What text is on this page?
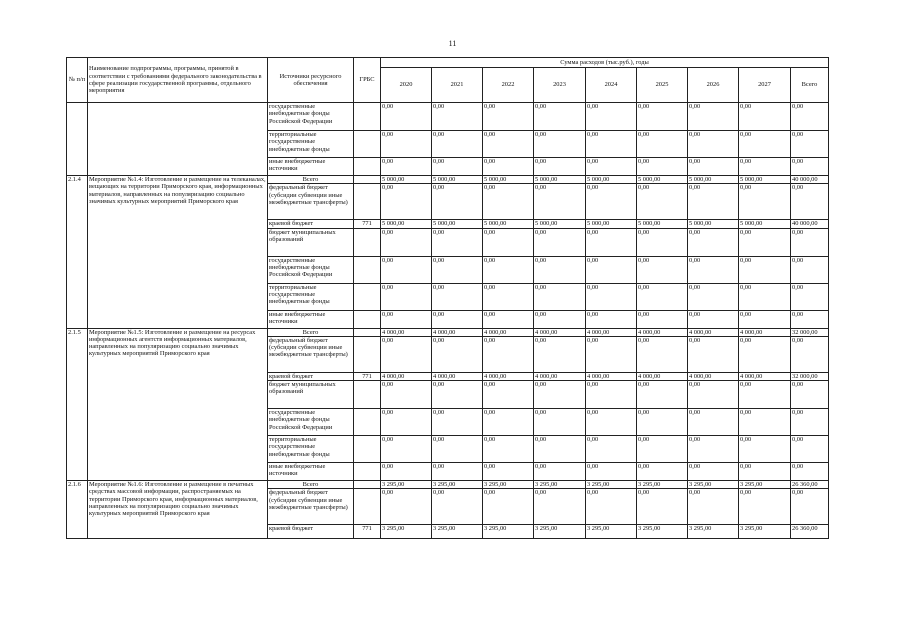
11
№ п/п	Наименование подпрограммы, программы, принятой в соответствии с требованиями федерального законодательства в сфере реализации государственной программы, отдельного мероприятия	Источники ресурсного обеспечения	ГРБС	Сумма расходов (тыс.руб.), годы								
				2020	2021	2022	2023	2024	2025	2026	2027	Всего
		государственные внебюджетные фонды Российской Федерации		0,00	0,00	0,00	0,00	0,00	0,00	0,00	0,00	0,00
		территориальные государственные внебюджетные фонды		0,00	0,00	0,00	0,00	0,00	0,00	0,00	0,00	0,00
		иные внебюджетные источники		0,00	0,00	0,00	0,00	0,00	0,00	0,00	0,00	0,00
2.1.4	Мероприятие №1.4: Изготовление и размещение на телеканалах, вещающих на территории Приморского края, информационных материалов, направленных на популяризацию социально значимых культурных мероприятий Приморского края	Всего		5 000,00	5 000,00	5 000,00	5 000,00	5 000,00	5 000,00	5 000,00	5 000,00	40 000,00
		федеральный бюджет (субсидии субвенции иные межбюджетные трансферты)		0,00	0,00	0,00	0,00	0,00	0,00	0,00	0,00	0,00
		краевой бюджет	771	5 000,00	5 000,00	5 000,00	5 000,00	5 000,00	5 000,00	5 000,00	5 000,00	40 000,00
		бюджет муниципальных образований		0,00	0,00	0,00	0,00	0,00	0,00	0,00	0,00	0,00
		государственные внебюджетные фонды Российской Федерации		0,00	0,00	0,00	0,00	0,00	0,00	0,00	0,00	0,00
		территориальные государственные внебюджетные фонды		0,00	0,00	0,00	0,00	0,00	0,00	0,00	0,00	0,00
		иные внебюджетные источники		0,00	0,00	0,00	0,00	0,00	0,00	0,00	0,00	0,00
2.1.5	Мероприятие №1.5: Изготовление и размещение на ресурсах информационных агентств информационных материалов, направленных на популяризацию социально значимых культурных мероприятий Приморского края	Всего		4 000,00	4 000,00	4 000,00	4 000,00	4 000,00	4 000,00	4 000,00	4 000,00	32 000,00
		федеральный бюджет (субсидии субвенции иные межбюджетные трансферты)		0,00	0,00	0,00	0,00	0,00	0,00	0,00	0,00	0,00
		краевой бюджет	771	4 000,00	4 000,00	4 000,00	4 000,00	4 000,00	4 000,00	4 000,00	4 000,00	32 000,00
		бюджет муниципальных образований		0,00	0,00	0,00	0,00	0,00	0,00	0,00	0,00	0,00
		государственные внебюджетные фонды Российской Федерации		0,00	0,00	0,00	0,00	0,00	0,00	0,00	0,00	0,00
		территориальные государственные внебюджетные фонды		0,00	0,00	0,00	0,00	0,00	0,00	0,00	0,00	0,00
		иные внебюджетные источники		0,00	0,00	0,00	0,00	0,00	0,00	0,00	0,00	0,00
2.1.6	Мероприятие №1.6: Изготовление и размещение в печатных средствах массовой информации, распространяемых на территории Приморского края, информационных материалов, направленных на популяризацию социально значимых культурных мероприятий Приморского края	Всего		3 295,00	3 295,00	3 295,00	3 295,00	3 295,00	3 295,00	3 295,00	3 295,00	26 360,00
		федеральный бюджет (субсидии субвенции иные межбюджетные трансферты)		0,00	0,00	0,00	0,00	0,00	0,00	0,00	0,00	0,00
		краевой бюджет	771	3 295,00	3 295,00	3 295,00	3 295,00	3 295,00	3 295,00	3 295,00	3 295,00	26 360,00
